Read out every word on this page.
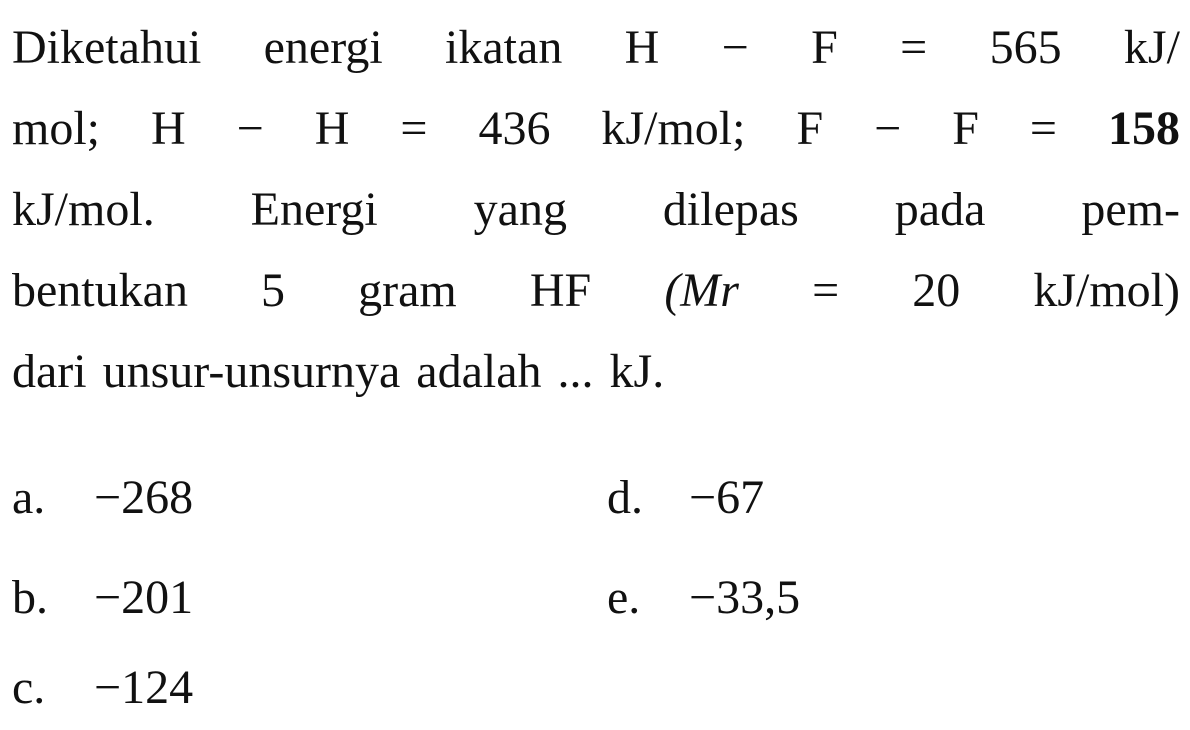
Diketahui energi ikatan H − F = 565 kJ/
mol; H − H = 436 kJ/mol; F − F = 158
kJ/mol. Energi yang dilepas pada pem-
bentukan 5 gram HF (Mr = 20 kJ/mol)
dari unsur-unsurnya adalah ... kJ.
a. −268
b. −201
c. −124
d. −67
e. −33,5
